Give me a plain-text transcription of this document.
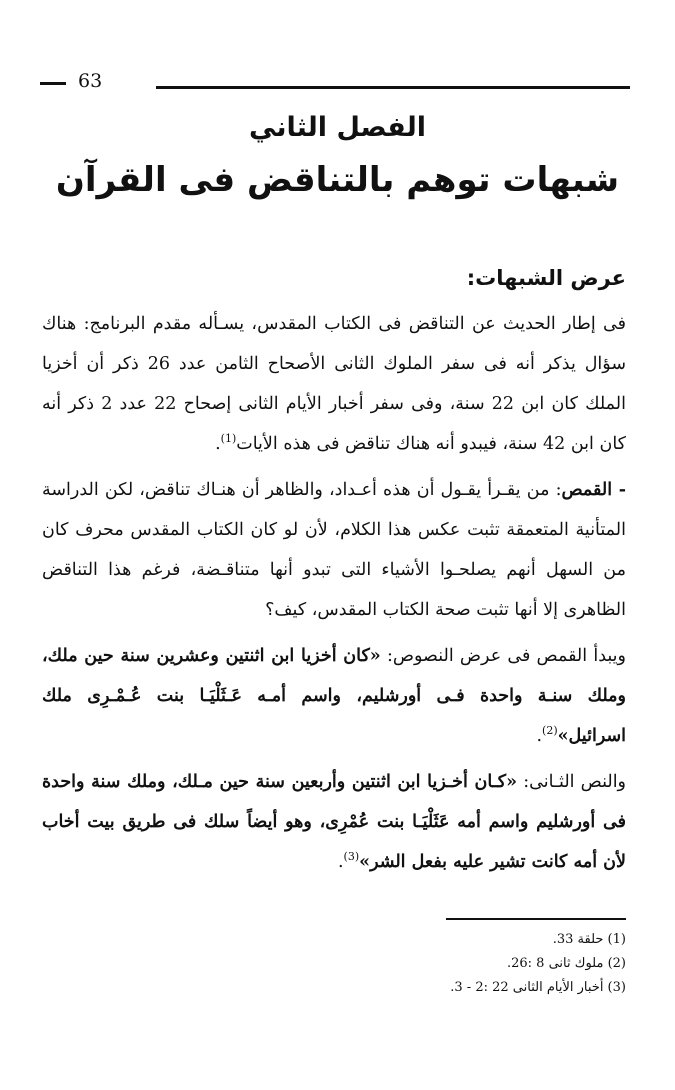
63
الفصل الثاني
شبهات توهم بالتناقض فى القرآن

عرض الشبهات:

فى إطار الحديث عن التناقض فى الكتاب المقدس، يسـأله مقدم البرنامج: هناك سؤال يذكر أنه فى سفر الملوك الثانى الأصحاح الثامن عدد 26 ذكر أن أخزيا الملك كان ابن 22 سنة، وفى سفر أخبار الأيام الثانى إصحاح 22 عدد 2 ذكر أنه كان ابن 42 سنة، فيبدو أنه هناك تناقض فى هذه الأيات$^{(1)}$.

- القمص: من يقـرأ يقـول أن هذه أعـداد، والظاهر أن هنـاك تناقض، لكن الدراسة المتأنية المتعمقة تثبت عكس هذا الكلام، لأن لو كان الكتاب المقدس محرف كان من السهل أنهم يصلحـوا الأشياء التى تبدو أنها متناقـضة، فرغم هذا التناقض الظاهرى إلا أنها تثبت صحة الكتاب المقدس، كيف؟

ويبدأ القمص فى عرض النصوص: «كان أخزيا ابن اثنتين وعشرين سنة حين ملك، وملك سنـة واحدة فـى أورشليم، واسم أمـه عَـثَلْيَـا بنت عُـمْـرِى ملك اسرائيل»$^{(2)}$.

والنص الثـانى: «كـان أخـزيا ابن اثنتين وأربعين سنة حين مـلك، وملك سنة واحدة فى أورشليم واسم أمه عَثَلْيَـا بنت عُمْرِى، وهو أيضاً سلك فى طريق بيت أخاب لأن أمه كانت تشير عليه بفعل الشر»$^{(3)}$.

(1) حلقة 33.
(2) ملوك ثانى 8 :26.
(3) أخبار الأيام الثانى 22 :2 - 3.
